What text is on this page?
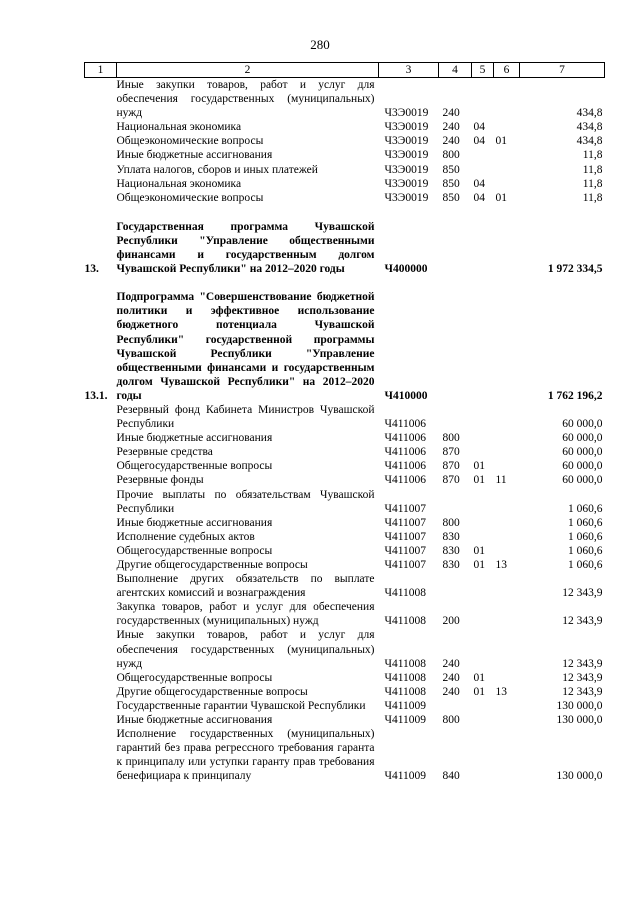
280
1	2	3	4	5	6	7
	Иные закупки товаров, работ и услуг для обеспечения государственных (муниципальных) нужд	Ч3Э0019	240			434,8
	Национальная экономика	Ч3Э0019	240	04		434,8
	Общеэкономические вопросы	Ч3Э0019	240	04	01	434,8
	Иные бюджетные ассигнования	Ч3Э0019	800			11,8
	Уплата налогов, сборов и иных платежей	Ч3Э0019	850			11,8
	Национальная экономика	Ч3Э0019	850	04		11,8
	Общеэкономические вопросы	Ч3Э0019	850	04	01	11,8

13.	Государственная программа Чувашской Республики "Управление общественными финансами и государственным долгом Чувашской Республики" на 2012–2020 годы	Ч400000				1 972 334,5

13.1.	Подпрограмма "Совершенствование бюджетной политики и эффективное использование бюджетного потенциала Чувашской Республики" государственной программы Чувашской Республики "Управление общественными финансами и государственным долгом Чувашской Республики" на 2012–2020 годы	Ч410000				1 762 196,2
	Резервный фонд Кабинета Министров Чувашской Республики	Ч411006				60 000,0
	Иные бюджетные ассигнования	Ч411006	800			60 000,0
	Резервные средства	Ч411006	870			60 000,0
	Общегосударственные вопросы	Ч411006	870	01		60 000,0
	Резервные фонды	Ч411006	870	01	11	60 000,0
	Прочие выплаты по обязательствам Чувашской Республики	Ч411007				1 060,6
	Иные бюджетные ассигнования	Ч411007	800			1 060,6
	Исполнение судебных актов	Ч411007	830			1 060,6
	Общегосударственные вопросы	Ч411007	830	01		1 060,6
	Другие общегосударственные вопросы	Ч411007	830	01	13	1 060,6
	Выполнение других обязательств по выплате агентских комиссий и вознаграждения	Ч411008				12 343,9
	Закупка товаров, работ и услуг для обеспечения государственных (муниципальных) нужд	Ч411008	200			12 343,9
	Иные закупки товаров, работ и услуг для обеспечения государственных (муниципальных) нужд	Ч411008	240			12 343,9
	Общегосударственные вопросы	Ч411008	240	01		12 343,9
	Другие общегосударственные вопросы	Ч411008	240	01	13	12 343,9
	Государственные гарантии Чувашской Республики	Ч411009				130 000,0
	Иные бюджетные ассигнования	Ч411009	800			130 000,0
	Исполнение государственных (муниципальных) гарантий без права регрессного требования гаранта к принципалу или уступки гаранту прав требования бенефициара к принципалу	Ч411009	840			130 000,0
